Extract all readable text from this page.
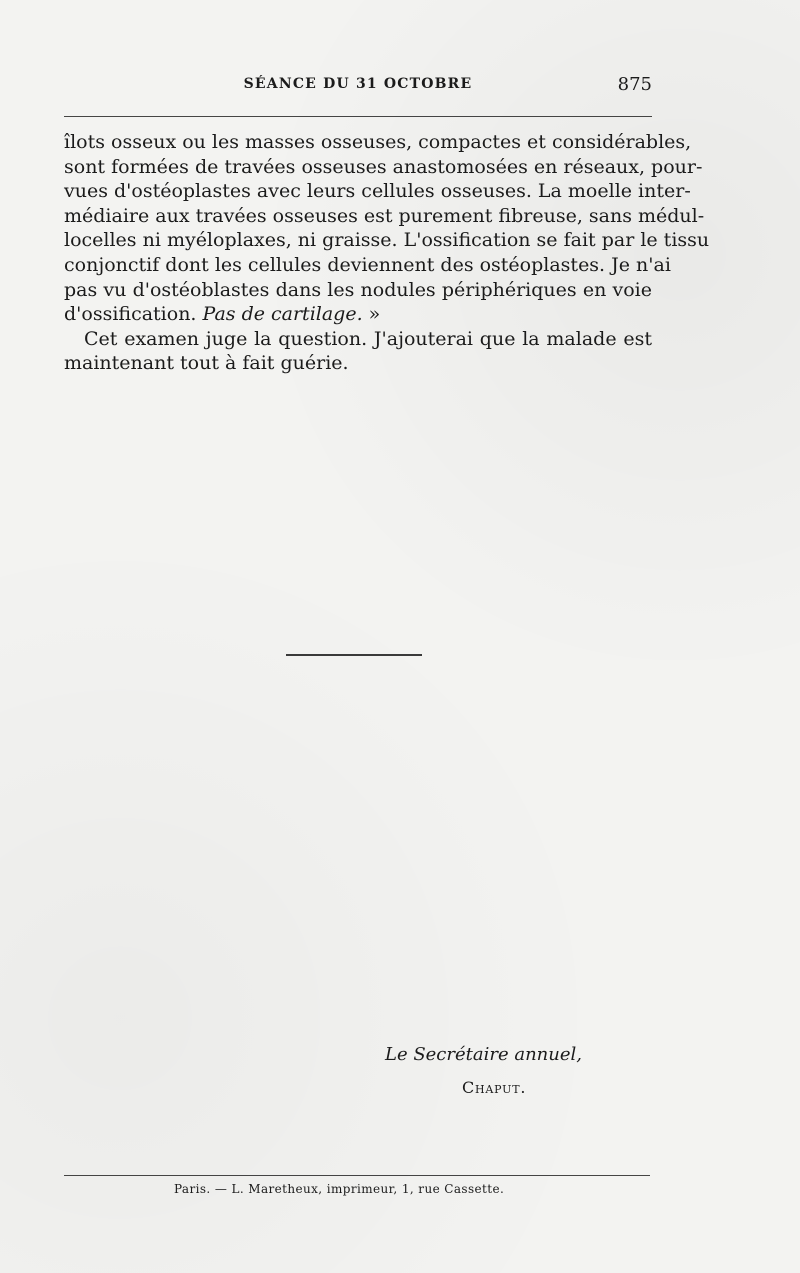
SÉANCE DU 31 OCTOBRE	875
îlots osseux ou les masses osseuses, compactes et considérables,
sont formées de travées osseuses anastomosées en réseaux, pour-
vues d'ostéoplastes avec leurs cellules osseuses. La moelle inter-
médiaire aux travées osseuses est purement fibreuse, sans médul-
locelles ni myéloplaxes, ni graisse. L'ossification se fait par le tissu
conjonctif dont les cellules deviennent des ostéoplastes. Je n'ai
pas vu d'ostéoblastes dans les nodules périphériques en voie
d'ossification. Pas de cartilage. »
Cet examen juge la question. J'ajouterai que la malade est
maintenant tout à fait guérie.
Le Secrétaire annuel,
Chaput.
Paris. — L. Maretheux, imprimeur, 1, rue Cassette.
